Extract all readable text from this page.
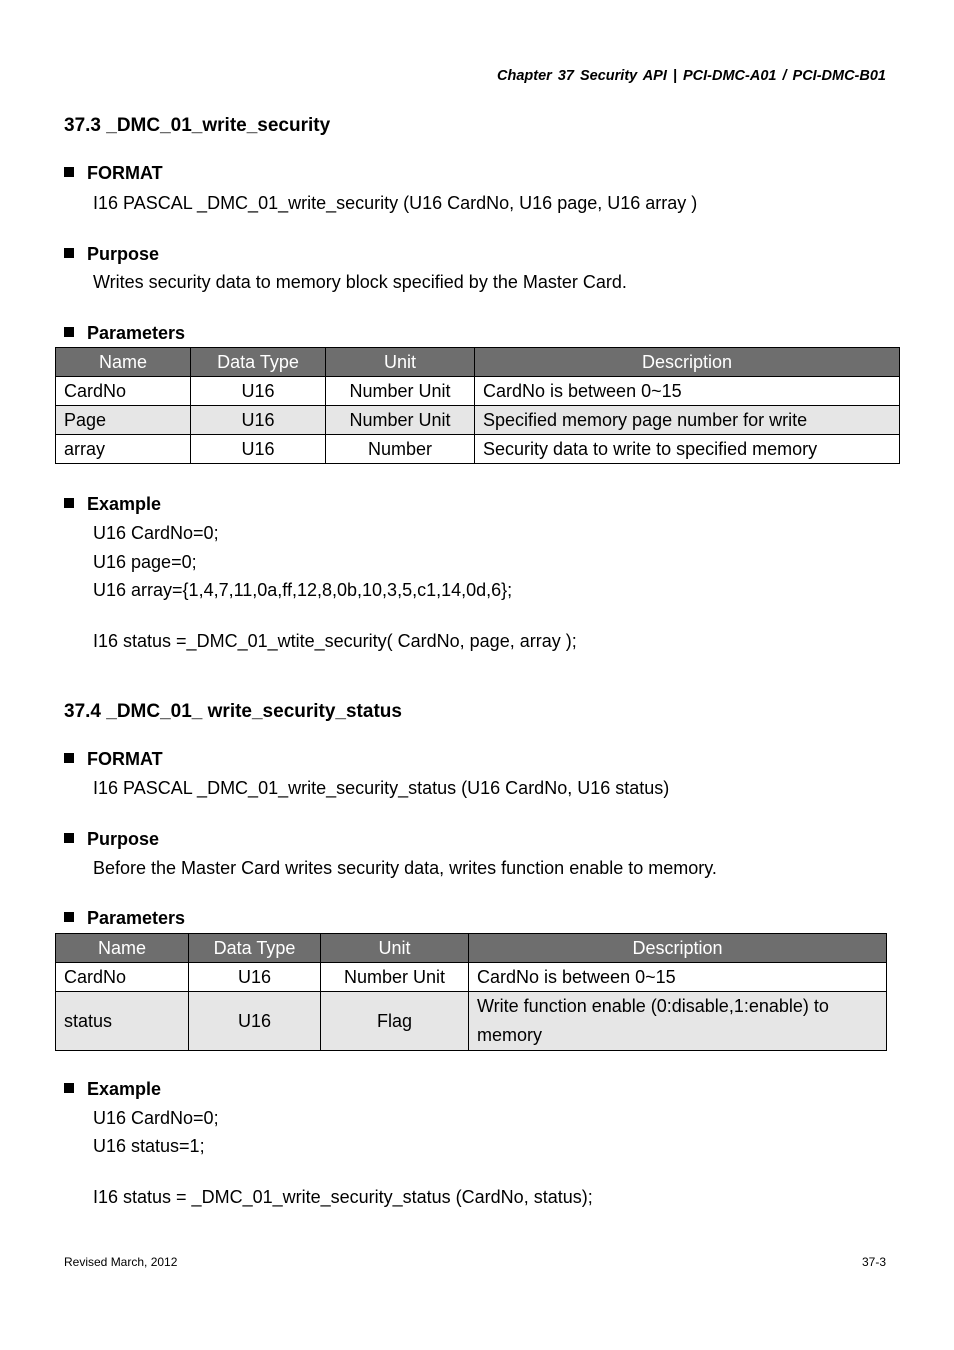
Chapter 37 Security API | PCI-DMC-A01 / PCI-DMC-B01
37.3 _DMC_01_write_security
FORMAT
I16 PASCAL _DMC_01_write_security (U16 CardNo, U16 page, U16 array )
Purpose
Writes security data to memory block specified by the Master Card.
Parameters
Name	Data Type	Unit	Description
CardNo	U16	Number Unit	CardNo is between 0~15
Page	U16	Number Unit	Specified memory page number for write
array	U16	Number	Security data to write to specified memory
Example
U16 CardNo=0;
U16 page=0;
U16 array={1,4,7,11,0a,ff,12,8,0b,10,3,5,c1,14,0d,6};
I16 status =_DMC_01_wtite_security( CardNo, page, array );
37.4 _DMC_01_ write_security_status
FORMAT
I16 PASCAL _DMC_01_write_security_status (U16 CardNo, U16 status)
Purpose
Before the Master Card writes security data, writes function enable to memory.
Parameters
Name	Data Type	Unit	Description
CardNo	U16	Number Unit	CardNo is between 0~15
status	U16	Flag	Write function enable (0:disable,1:enable) to memory
Example
U16 CardNo=0;
U16 status=1;
I16 status = _DMC_01_write_security_status (CardNo, status);
Revised March, 2012	37-3
